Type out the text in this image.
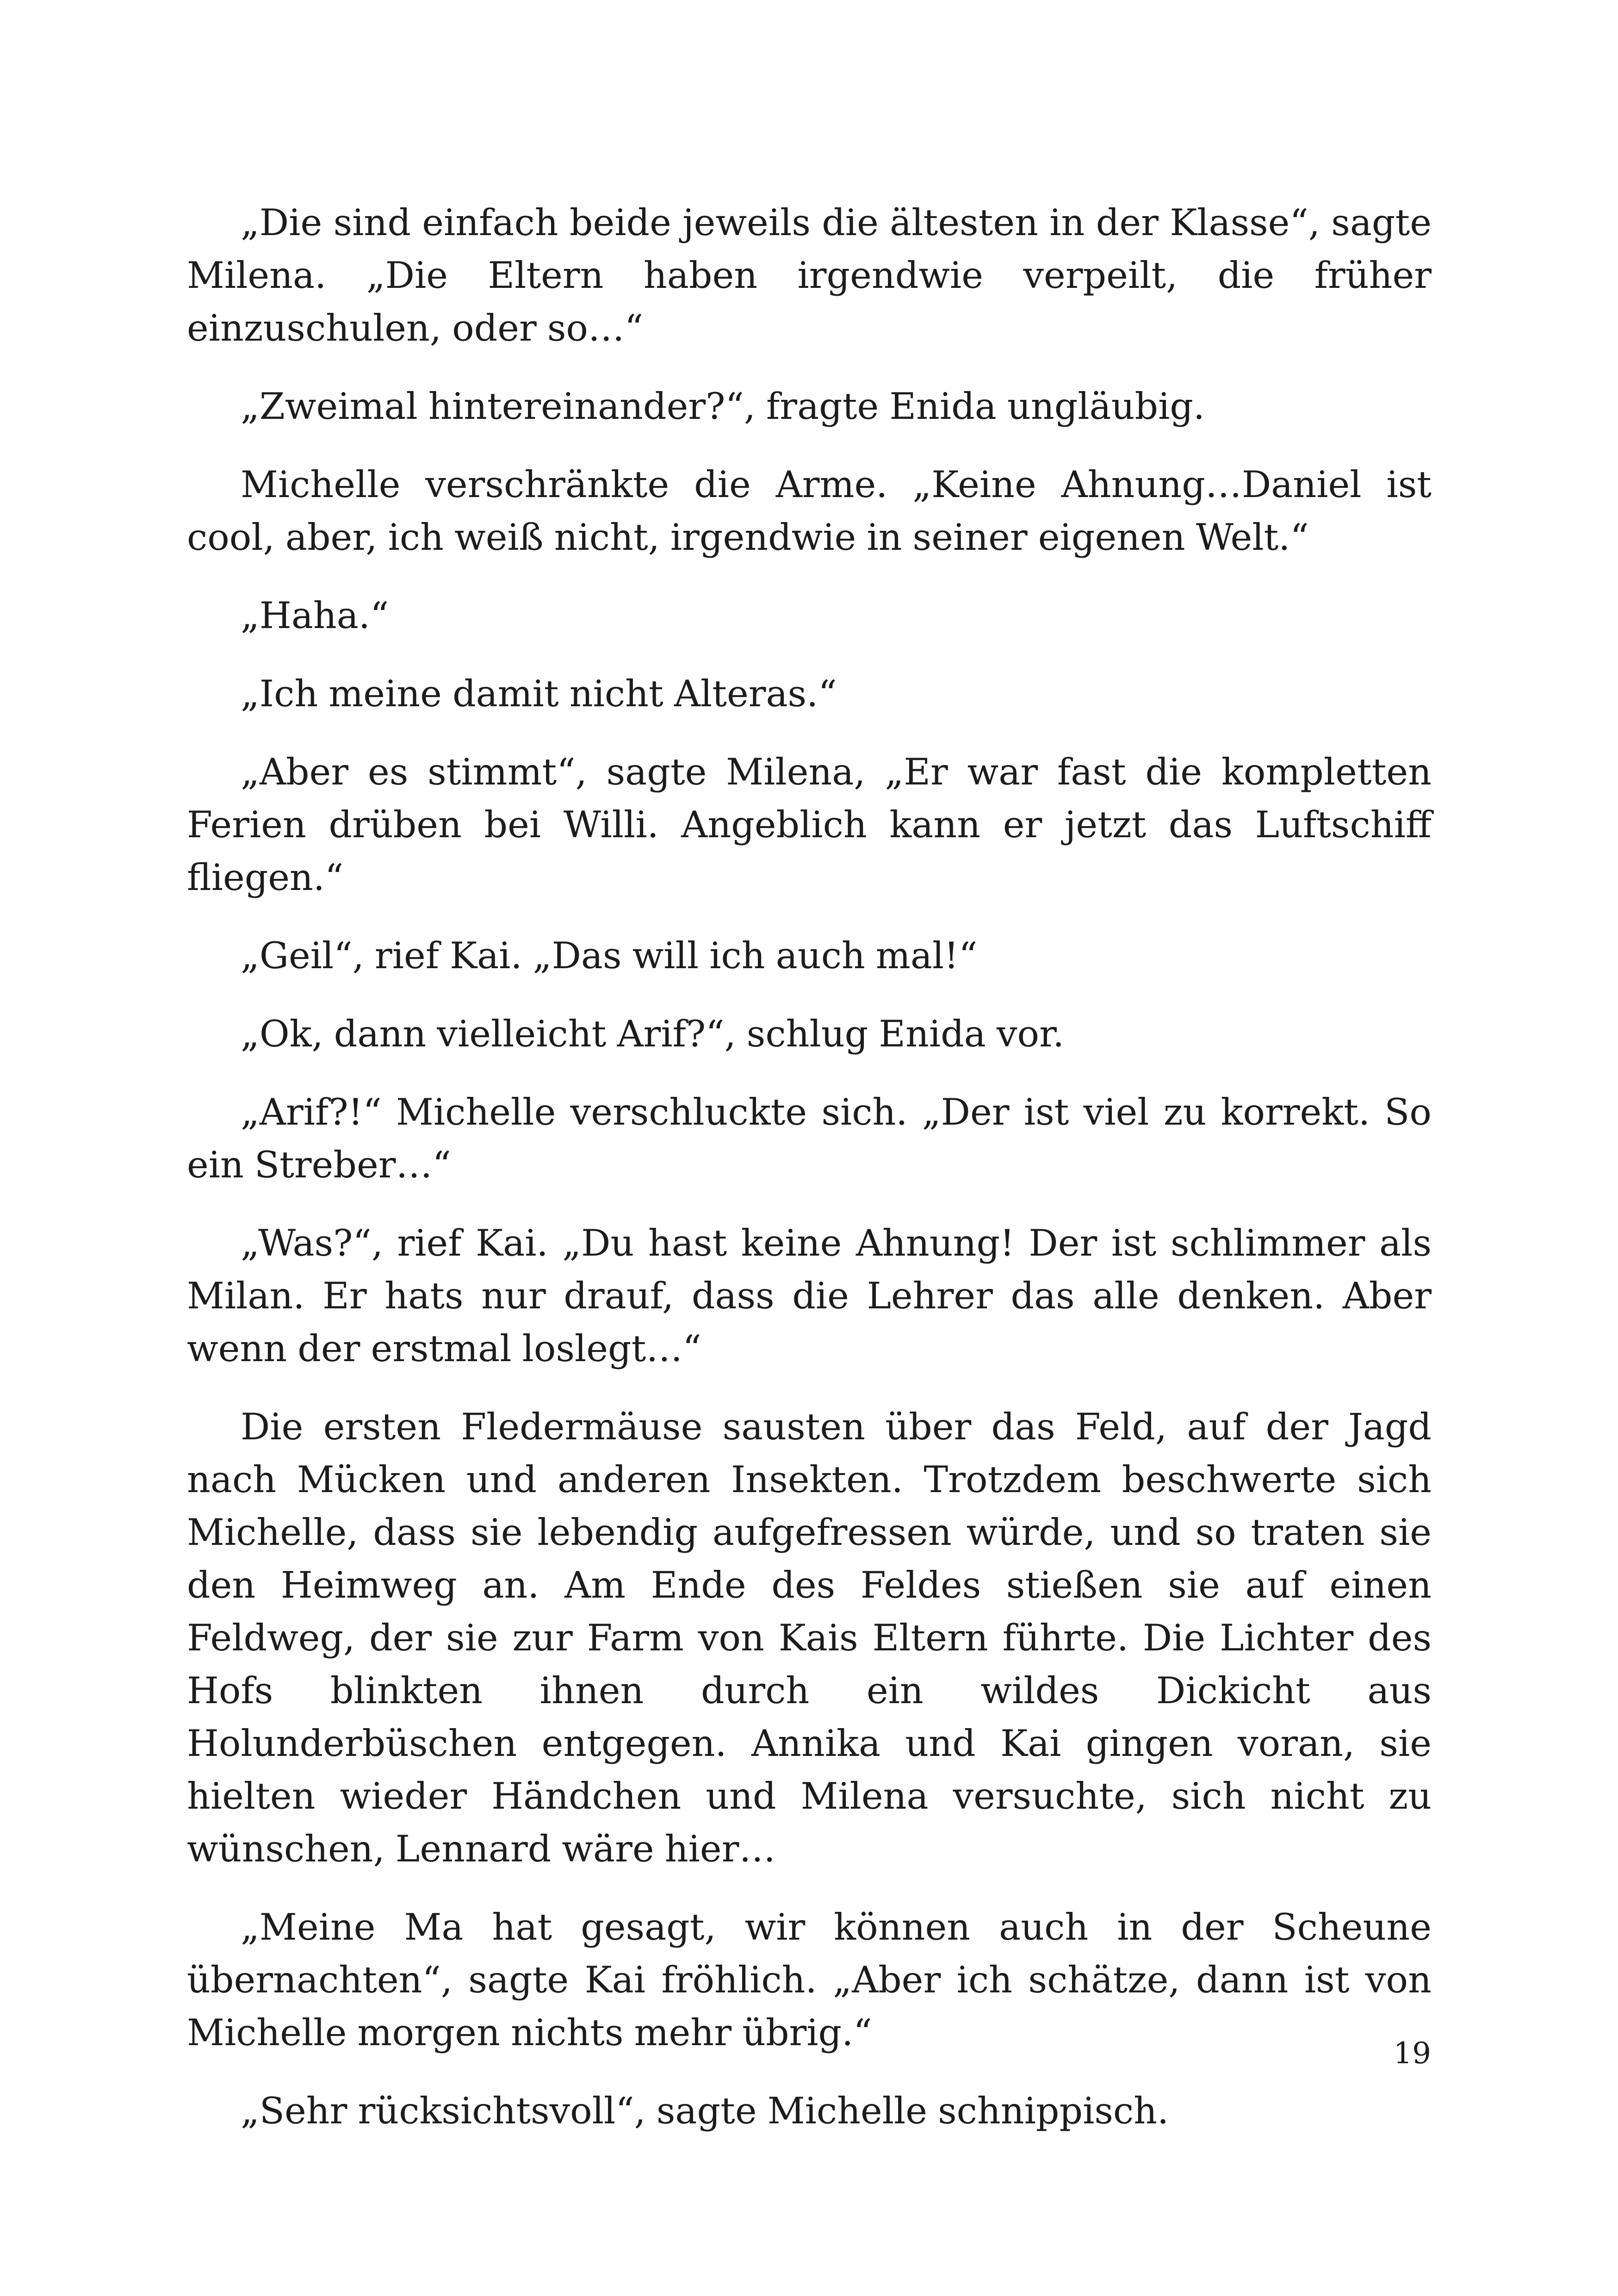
„Die sind einfach beide jeweils die ältesten in der Klasse“, sagte Milena. „Die Eltern haben irgendwie verpeilt, die früher einzuschulen, oder so…“

„Zweimal hintereinander?“, fragte Enida ungläubig.

Michelle verschränkte die Arme. „Keine Ahnung…Daniel ist cool, aber, ich weiß nicht, irgendwie in seiner eigenen Welt.“

„Haha.“

„Ich meine damit nicht Alteras.“

„Aber es stimmt“, sagte Milena, „Er war fast die kompletten Ferien drüben bei Willi. Angeblich kann er jetzt das Luftschiff fliegen.“

„Geil“, rief Kai. „Das will ich auch mal!“

„Ok, dann vielleicht Arif?“, schlug Enida vor.

„Arif?!“ Michelle verschluckte sich. „Der ist viel zu korrekt. So ein Streber…“

„Was?“, rief Kai. „Du hast keine Ahnung! Der ist schlimmer als Milan. Er hats nur drauf, dass die Lehrer das alle denken. Aber wenn der erstmal loslegt…“

Die ersten Fledermäuse sausten über das Feld, auf der Jagd nach Mücken und anderen Insekten. Trotzdem beschwerte sich Michelle, dass sie lebendig aufgefressen würde, und so traten sie den Heimweg an. Am Ende des Feldes stießen sie auf einen Feldweg, der sie zur Farm von Kais Eltern führte. Die Lichter des Hofs blinkten ihnen durch ein wildes Dickicht aus Holunderbüschen entgegen. Annika und Kai gingen voran, sie hielten wieder Händchen und Milena versuchte, sich nicht zu wünschen, Lennard wäre hier…

„Meine Ma hat gesagt, wir können auch in der Scheune übernachten“, sagte Kai fröhlich. „Aber ich schätze, dann ist von Michelle morgen nichts mehr übrig.“

„Sehr rücksichtsvoll“, sagte Michelle schnippisch.

19
